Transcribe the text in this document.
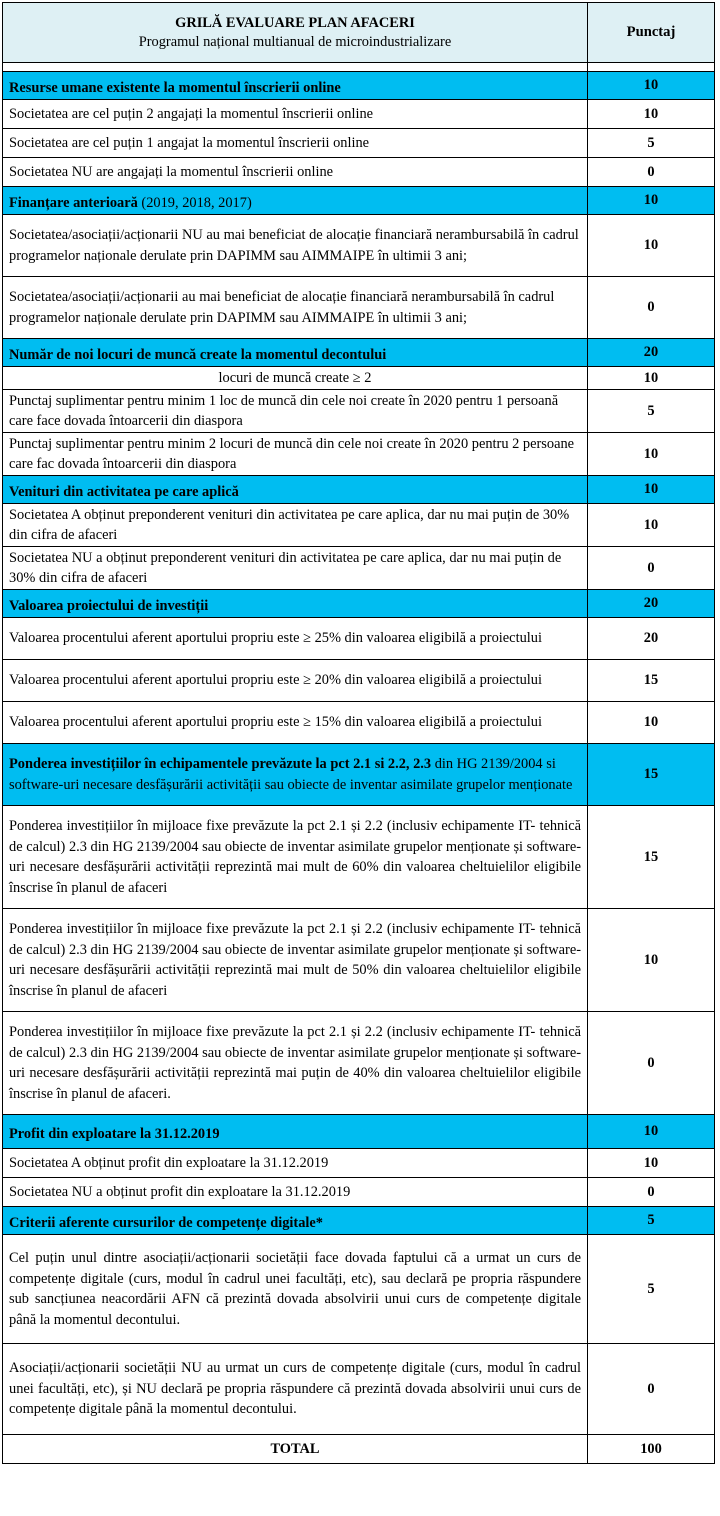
GRILĂ EVALUARE PLAN AFACERI
Programul național multianual de microindustrializare	Punctaj

Resurse umane existente la momentul înscrierii online	10
Societatea are cel puțin 2 angajați la momentul înscrierii online	10
Societatea are cel puțin 1 angajat la momentul înscrierii online	5
Societatea NU are angajați la momentul înscrierii online	0
Finanțare anterioară (2019, 2018, 2017)	10
Societatea/asociații/acționarii NU au mai beneficiat de alocație financiară nerambursabilă în cadrul programelor naționale derulate prin DAPIMM sau AIMMAIPE în ultimii 3 ani;	10
Societatea/asociații/acționarii au mai beneficiat de alocație financiară nerambursabilă în cadrul programelor naționale derulate prin DAPIMM sau AIMMAIPE în ultimii 3 ani;	0
Număr de noi locuri de muncă create la momentul decontului	20
locuri de muncă create ≥ 2	10
Punctaj suplimentar pentru minim 1 loc de muncă din cele noi create în 2020 pentru 1 persoană care face dovada întoarcerii din diaspora	5
Punctaj suplimentar pentru minim 2 locuri de muncă din cele noi create în 2020 pentru 2 persoane care fac dovada întoarcerii din diaspora	10
Venituri din activitatea pe care aplică	10
Societatea A obținut preponderent venituri din activitatea pe care aplica, dar nu mai puțin de 30% din cifra de afaceri	10
Societatea NU a obținut preponderent venituri din activitatea pe care aplica, dar nu mai puțin de 30% din cifra de afaceri	0
Valoarea proiectului de investiții	20
Valoarea procentului aferent aportului propriu este ≥ 25% din valoarea eligibilă a proiectului	20
Valoarea procentului aferent aportului propriu este ≥ 20% din valoarea eligibilă a proiectului	15
Valoarea procentului aferent aportului propriu este ≥ 15% din valoarea eligibilă a proiectului	10
Ponderea investițiilor în echipamentele prevăzute la pct 2.1 si 2.2, 2.3 din HG 2139/2004 si software-uri necesare desfășurării activității sau obiecte de inventar asimilate grupelor menționate	15
Ponderea investițiilor în mijloace fixe prevăzute la pct 2.1 și 2.2 (inclusiv echipamente IT- tehnică de calcul) 2.3 din HG 2139/2004 sau obiecte de inventar asimilate grupelor menționate și software-uri necesare desfășurării activității reprezintă mai mult de 60% din valoarea cheltuielilor eligibile înscrise în planul de afaceri	15
Ponderea investițiilor în mijloace fixe prevăzute la pct 2.1 și 2.2 (inclusiv echipamente IT- tehnică de calcul) 2.3 din HG 2139/2004 sau obiecte de inventar asimilate grupelor menționate și software-uri necesare desfășurării activității reprezintă mai mult de 50% din valoarea cheltuielilor eligibile înscrise în planul de afaceri	10
Ponderea investițiilor în mijloace fixe prevăzute la pct 2.1 și 2.2 (inclusiv echipamente IT- tehnică de calcul) 2.3 din HG 2139/2004 sau obiecte de inventar asimilate grupelor menționate și software-uri necesare desfășurării activității reprezintă mai puțin de 40% din valoarea cheltuielilor eligibile înscrise în planul de afaceri.	0
Profit din exploatare la 31.12.2019	10
Societatea A obținut profit din exploatare la 31.12.2019	10
Societatea NU a obținut profit din exploatare la 31.12.2019	0
Criterii aferente cursurilor de competențe digitale*	5
Cel puțin unul dintre asociații/acționarii societății face dovada faptului că a urmat un curs de competențe digitale (curs, modul în cadrul unei facultăți, etc), sau declară pe propria răspundere sub sancțiunea neacordării AFN că prezintă dovada absolvirii unui curs de competențe digitale până la momentul decontului.	5
Asociații/acționarii societății NU au urmat un curs de competențe digitale (curs, modul în cadrul unei facultăți, etc), și NU declară pe propria răspundere că prezintă dovada absolvirii unui curs de competențe digitale până la momentul decontului.	0
TOTAL	100
